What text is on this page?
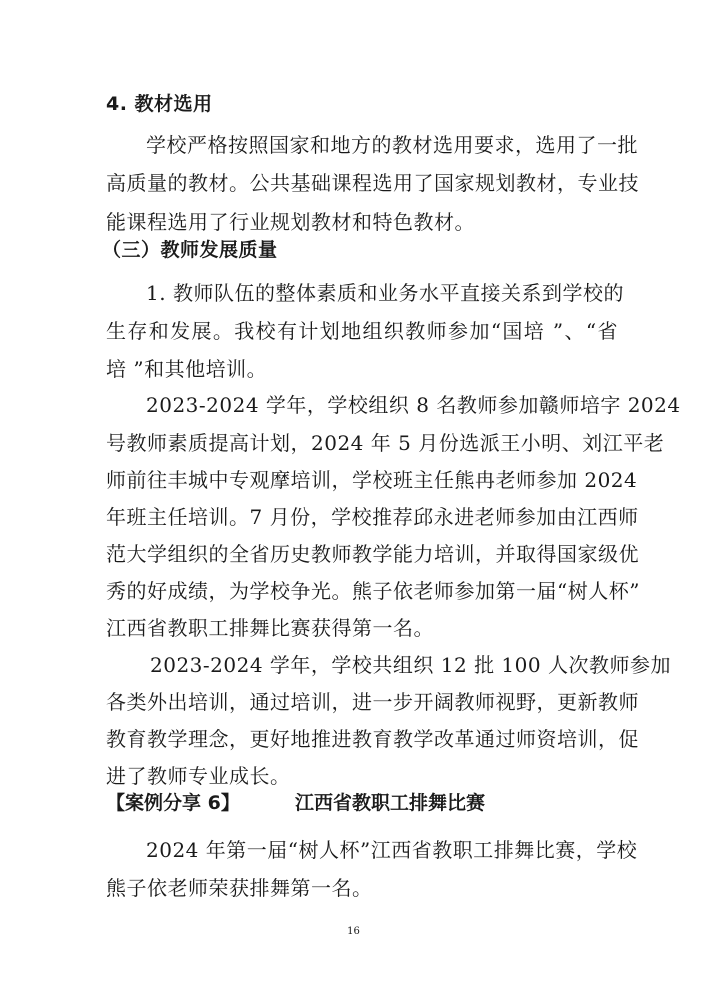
4. 教材选用
学校严格按照国家和地方的教材选用要求，选用了一批
高质量的教材。公共基础课程选用了国家规划教材，专业技
能课程选用了行业规划教材和特色教材。
（三）教师发展质量
1. 教师队伍的整体素质和业务水平直接关系到学校的
生存和发展。我校有计划地组织教师参加“国培 ”、“省
培 ”和其他培训。
2023-2024 学年，学校组织 8 名教师参加赣师培字 2024
号教师素质提高计划，2024 年 5 月份选派王小明、刘江平老
师前往丰城中专观摩培训，学校班主任熊冉老师参加 2024
年班主任培训。7 月份，学校推荐邱永进老师参加由江西师
范大学组织的全省历史教师教学能力培训，并取得国家级优
秀的好成绩，为学校争光。熊子依老师参加第一届“树人杯”
江西省教职工排舞比赛获得第一名。
2023-2024 学年，学校共组织 12 批 100 人次教师参加
各类外出培训，通过培训，进一步开阔教师视野，更新教师
教育教学理念，更好地推进教育教学改革通过师资培训，促
进了教师专业成长。
【案例分享 6】	江西省教职工排舞比赛
2024 年第一届“树人杯”江西省教职工排舞比赛，学校
熊子依老师荣获排舞第一名。
16
